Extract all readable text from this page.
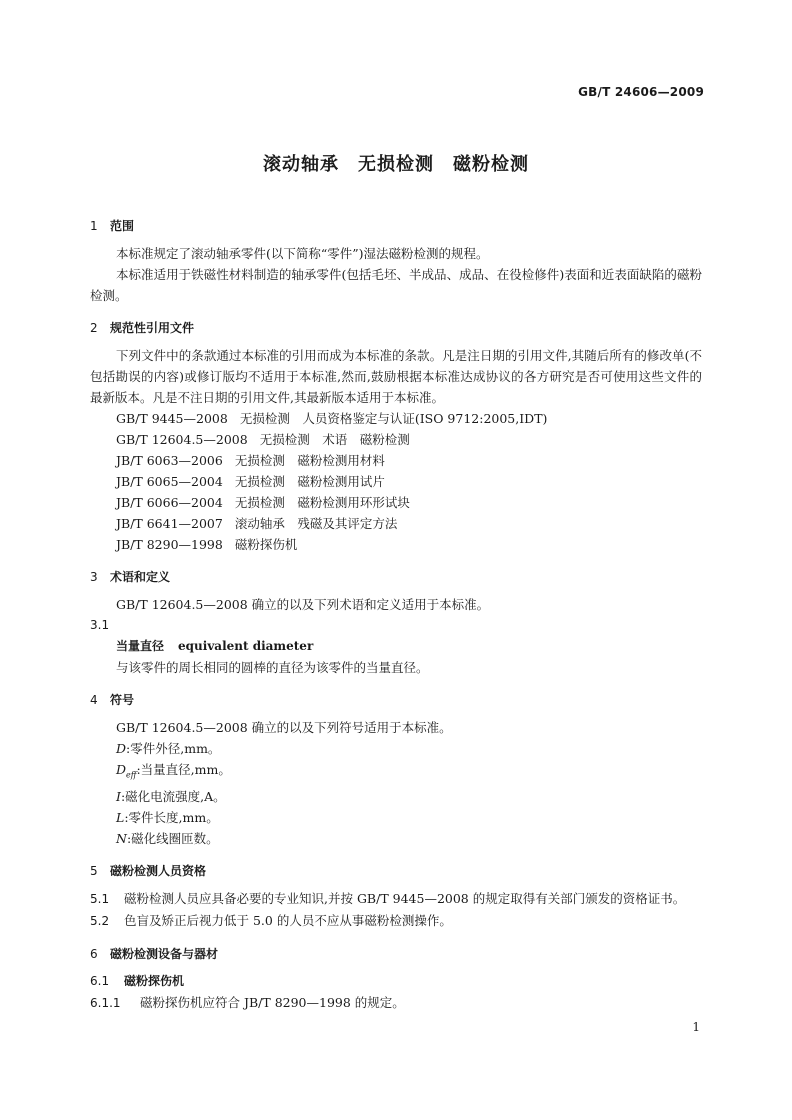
GB/T 24606—2009
滚动轴承　无损检测　磁粉检测
1 范围
本标准规定了滚动轴承零件(以下简称“零件”)湿法磁粉检测的规程。
本标准适用于铁磁性材料制造的轴承零件(包括毛坯、半成品、成品、在役检修件)表面和近表面缺陷的磁粉检测。
2 规范性引用文件
下列文件中的条款通过本标准的引用而成为本标准的条款。凡是注日期的引用文件,其随后所有的修改单(不包括勘误的内容)或修订版均不适用于本标准,然而,鼓励根据本标准达成协议的各方研究是否可使用这些文件的最新版本。凡是不注日期的引用文件,其最新版本适用于本标准。
GB/T 9445—2008 无损检测　人员资格鉴定与认证(ISO 9712:2005,IDT)
GB/T 12604.5—2008 无损检测　术语　磁粉检测
JB/T 6063—2006 无损检测　磁粉检测用材料
JB/T 6065—2004 无损检测　磁粉检测用试片
JB/T 6066—2004 无损检测　磁粉检测用环形试块
JB/T 6641—2007 滚动轴承　残磁及其评定方法
JB/T 8290—1998 磁粉探伤机
3 术语和定义
GB/T 12604.5—2008 确立的以及下列术语和定义适用于本标准。
3.1
当量直径 equivalent diameter
与该零件的周长相同的圆棒的直径为该零件的当量直径。
4 符号
GB/T 12604.5—2008 确立的以及下列符号适用于本标准。
D:零件外径,mm。
$D_{eff}$:当量直径,mm。
I:磁化电流强度,A。
L:零件长度,mm。
N:磁化线圈匝数。
5 磁粉检测人员资格
5.1 磁粉检测人员应具备必要的专业知识,并按 GB/T 9445—2008 的规定取得有关部门颁发的资格证书。
5.2 色盲及矫正后视力低于 5.0 的人员不应从事磁粉检测操作。
6 磁粉检测设备与器材
6.1 磁粉探伤机
6.1.1 磁粉探伤机应符合 JB/T 8290—1998 的规定。
1
